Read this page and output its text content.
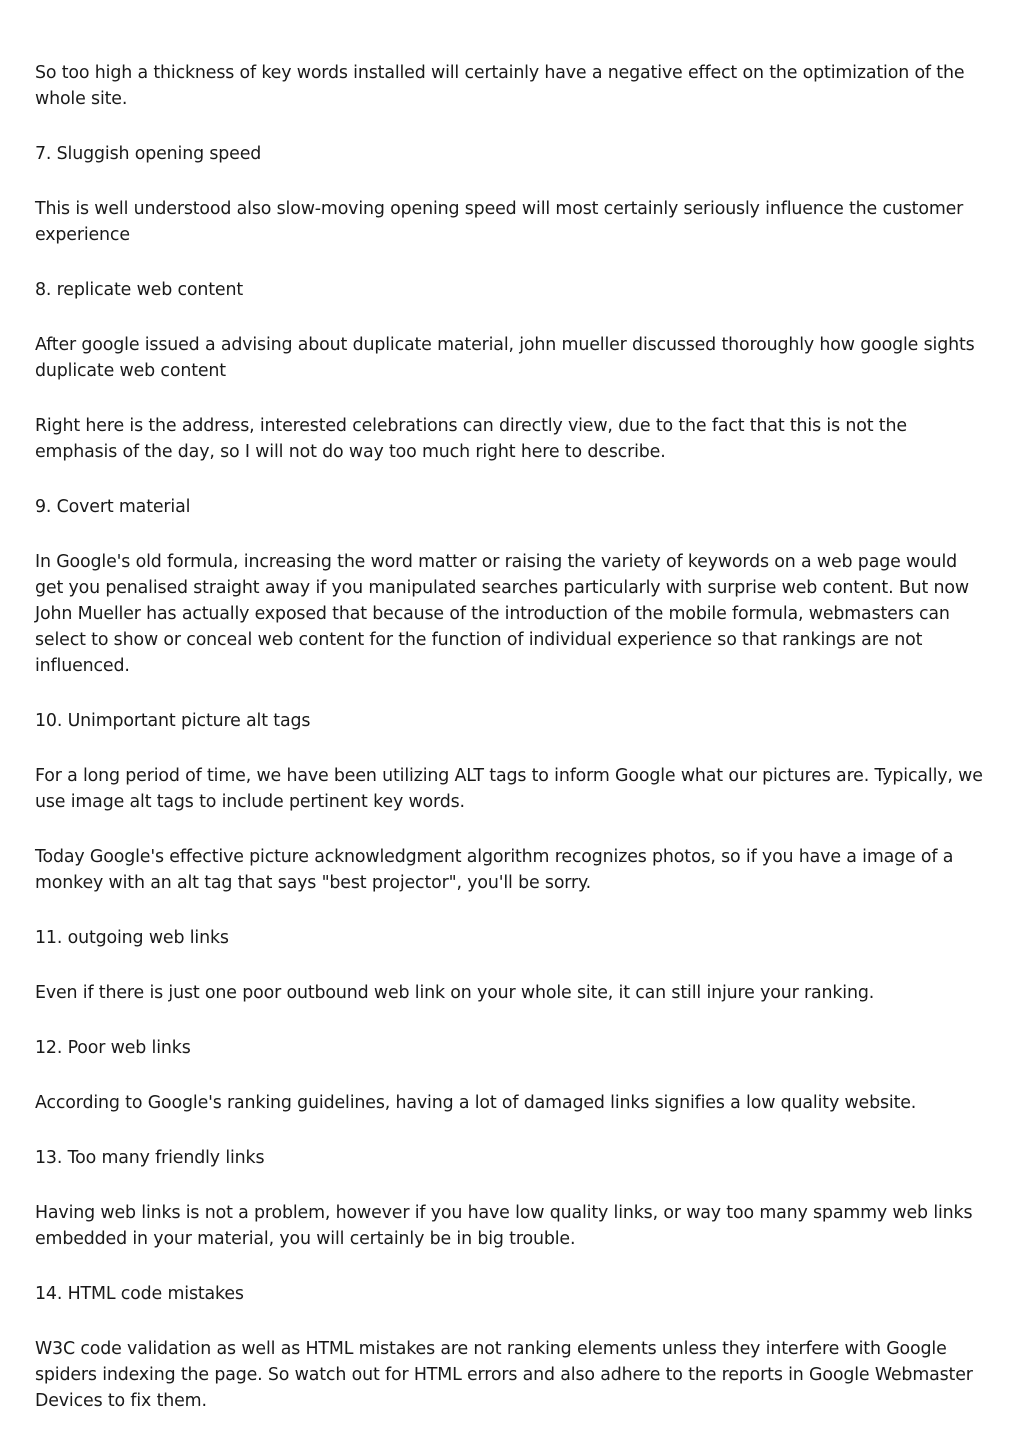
So too high a thickness of key words installed will certainly have a negative effect on the optimization of the whole site.

7. Sluggish opening speed

This is well understood also slow-moving opening speed will most certainly seriously influence the customer experience

8. replicate web content

After google issued a advising about duplicate material, john mueller discussed thoroughly how google sights duplicate web content

Right here is the address, interested celebrations can directly view, due to the fact that this is not the emphasis of the day, so I will not do way too much right here to describe.

9. Covert material

In Google's old formula, increasing the word matter or raising the variety of keywords on a web page would get you penalised straight away if you manipulated searches particularly with surprise web content. But now John Mueller has actually exposed that because of the introduction of the mobile formula, webmasters can select to show or conceal web content for the function of individual experience so that rankings are not influenced.

10. Unimportant picture alt tags

For a long period of time, we have been utilizing ALT tags to inform Google what our pictures are. Typically, we use image alt tags to include pertinent key words.

Today Google's effective picture acknowledgment algorithm recognizes photos, so if you have a image of a monkey with an alt tag that says "best projector", you'll be sorry.

11. outgoing web links

Even if there is just one poor outbound web link on your whole site, it can still injure your ranking.

12. Poor web links

According to Google's ranking guidelines, having a lot of damaged links signifies a low quality website.

13. Too many friendly links

Having web links is not a problem, however if you have low quality links, or way too many spammy web links embedded in your material, you will certainly be in big trouble.

14. HTML code mistakes

W3C code validation as well as HTML mistakes are not ranking elements unless they interfere with Google spiders indexing the page. So watch out for HTML errors and also adhere to the reports in Google Webmaster Devices to fix them.
